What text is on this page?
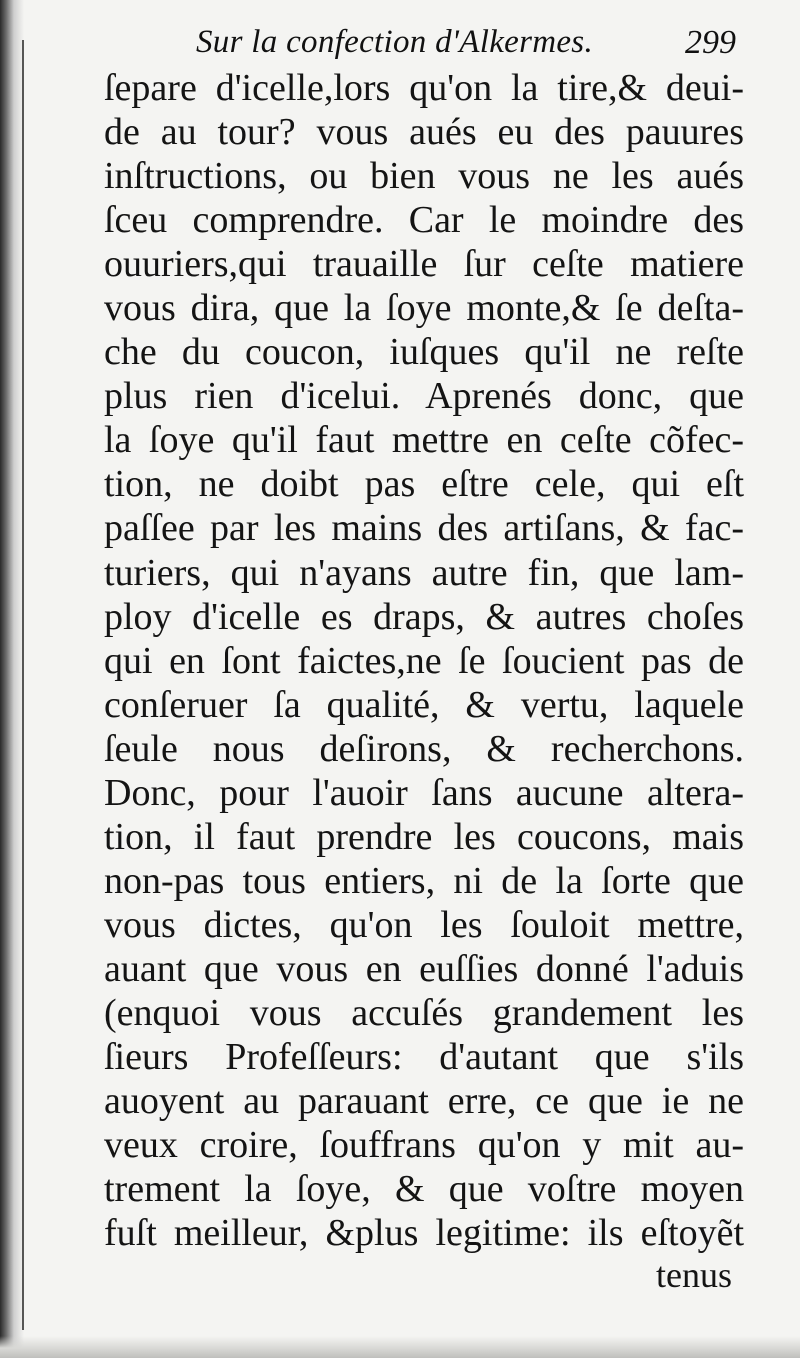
Sur la confection d'Alkermes.	299
ſepare d'icelle,lors qu'on la tire,& deui-
de au tour? vous aués eu des pauures
inſtructions, ou bien vous ne les aués
ſceu comprendre. Car le moindre des
ouuriers,qui trauaille ſur ceſte matiere
vous dira, que la ſoye monte,& ſe deſta-
che du coucon, iuſques qu'il ne reſte
plus rien d'icelui. Aprenés donc, que
la ſoye qu'il faut mettre en ceſte cõfec-
tion, ne doibt pas eſtre cele, qui eſt
paſſee par les mains des artiſans, & fac-
turiers, qui n'ayans autre fin, que lam-
ploy d'icelle es draps, & autres choſes
qui en ſont faictes,ne ſe ſoucient pas de
conſeruer ſa qualité, & vertu, laquele
ſeule nous deſirons, & recherchons.
Donc, pour l'auoir ſans aucune altera-
tion, il faut prendre les coucons, mais
non-pas tous entiers, ni de la ſorte que
vous dictes, qu'on les ſouloit mettre,
auant que vous en euſſies donné l'aduis
(enquoi vous accuſés grandement les
ſieurs Profeſſeurs: d'autant que s'ils
auoyent au parauant erre, ce que ie ne
veux croire, ſouffrans qu'on y mit au-
trement la ſoye, & que voſtre moyen
fuſt meilleur, &plus legitime: ils eſtoyẽt
tenus
